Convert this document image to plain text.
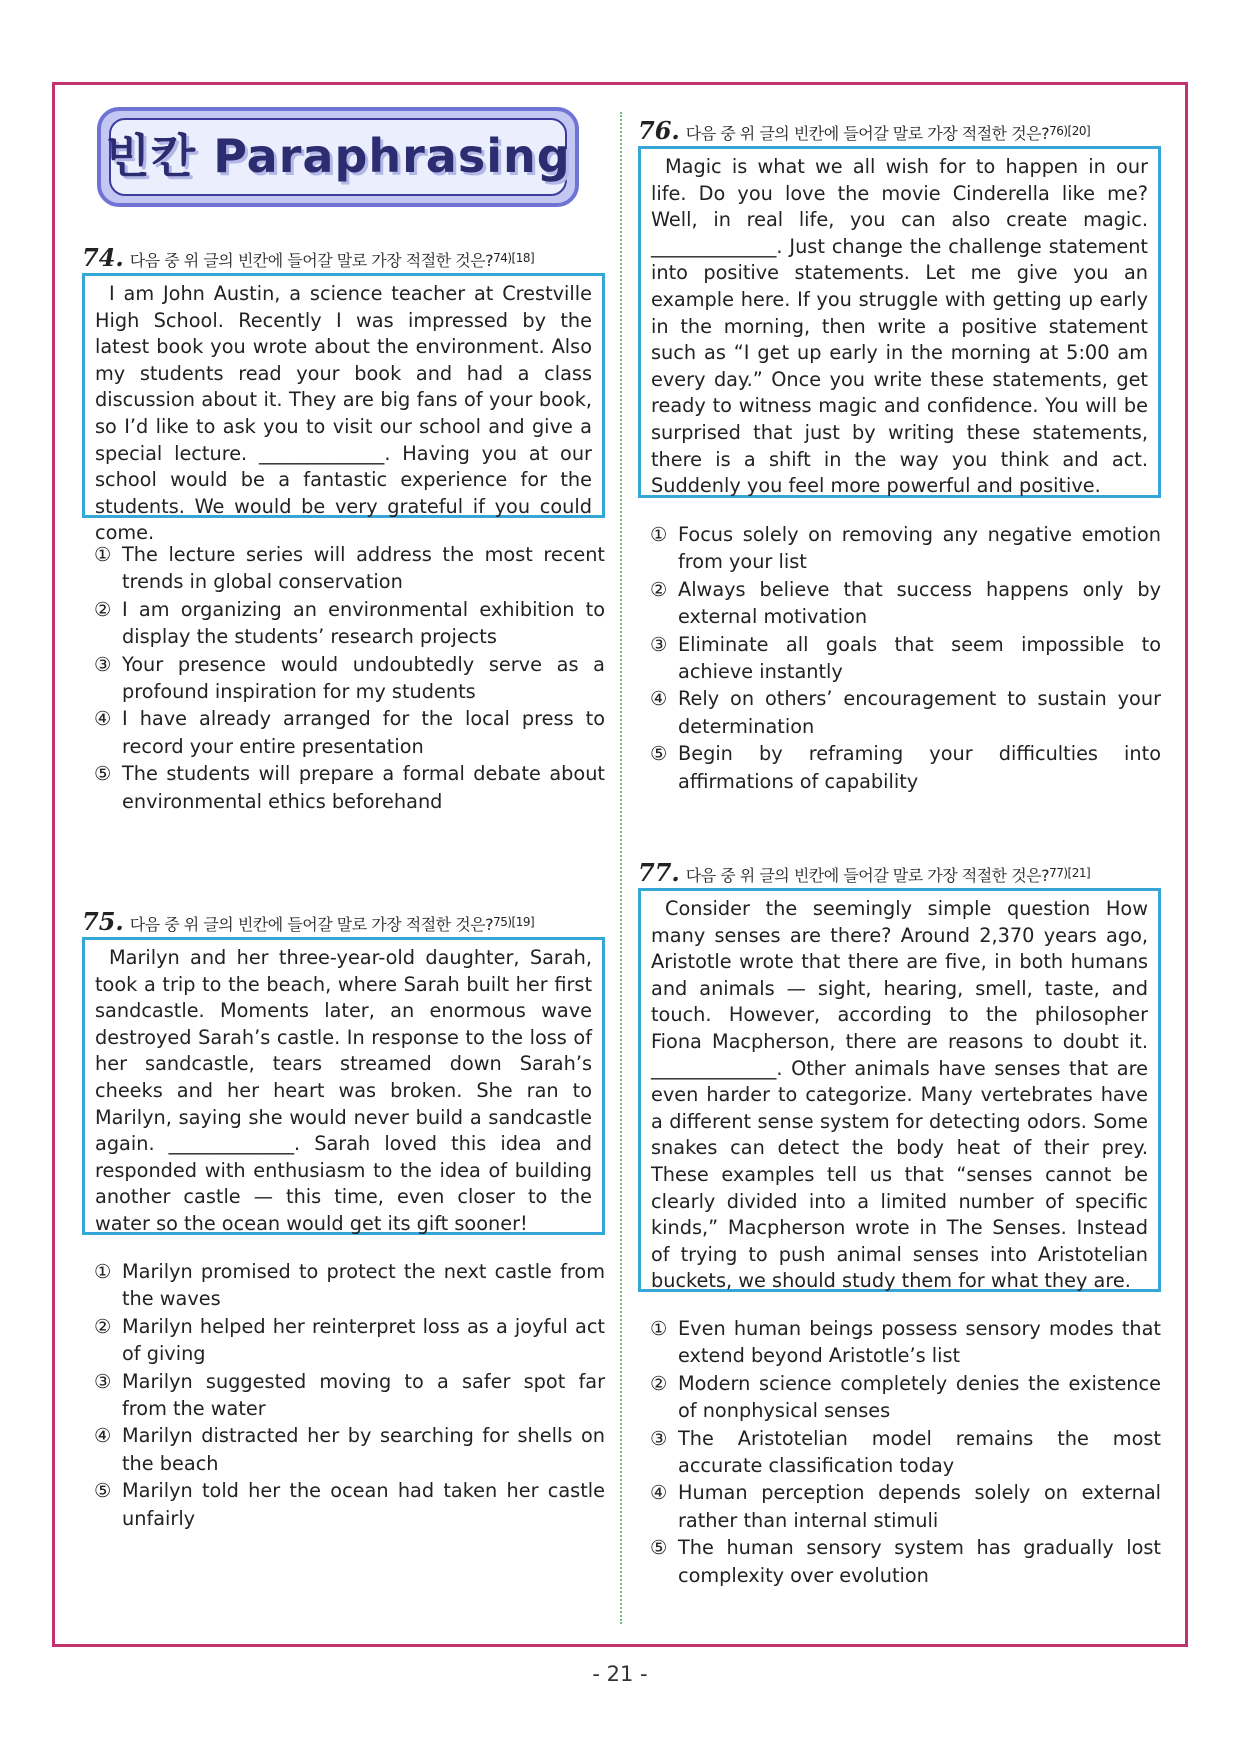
빈칸 Paraphrasing
74. 다음 중 위 글의 빈칸에 들어갈 말로 가장 적절한 것은?$^{74)[18]}$

I am John Austin, a science teacher at Crestville High School. Recently I was impressed by the latest book you wrote about the environment. Also my students read your book and had a class discussion about it. They are big fans of your book, so I’d like to ask you to visit our school and give a special lecture. _____________. Having you at our school would be a fantastic experience for the students. We would be very grateful if you could come.

① The lecture series will address the most recent trends in global conservation
② I am organizing an environmental exhibition to display the students’ research projects
③ Your presence would undoubtedly serve as a profound inspiration for my students
④ I have already arranged for the local press to record your entire presentation
⑤ The students will prepare a formal debate about environmental ethics beforehand
75. 다음 중 위 글의 빈칸에 들어갈 말로 가장 적절한 것은?$^{75)[19]}$

Marilyn and her three-year-old daughter, Sarah, took a trip to the beach, where Sarah built her first sandcastle. Moments later, an enormous wave destroyed Sarah’s castle. In response to the loss of her sandcastle, tears streamed down Sarah’s cheeks and her heart was broken. She ran to Marilyn, saying she would never build a sandcastle again. _____________. Sarah loved this idea and responded with enthusiasm to the idea of building another castle — this time, even closer to the water so the ocean would get its gift sooner!

① Marilyn promised to protect the next castle from the waves
② Marilyn helped her reinterpret loss as a joyful act of giving
③ Marilyn suggested moving to a safer spot far from the water
④ Marilyn distracted her by searching for shells on the beach
⑤ Marilyn told her the ocean had taken her castle unfairly
76. 다음 중 위 글의 빈칸에 들어갈 말로 가장 적절한 것은?$^{76)[20]}$

Magic is what we all wish for to happen in our life. Do you love the movie Cinderella like me? Well, in real life, you can also create magic. _____________. Just change the challenge statement into positive statements. Let me give you an example here. If you struggle with getting up early in the morning, then write a positive statement such as “I get up early in the morning at 5:00 am every day.” Once you write these statements, get ready to witness magic and confidence. You will be surprised that just by writing these statements, there is a shift in the way you think and act. Suddenly you feel more powerful and positive.

① Focus solely on removing any negative emotion from your list
② Always believe that success happens only by external motivation
③ Eliminate all goals that seem impossible to achieve instantly
④ Rely on others’ encouragement to sustain your determination
⑤ Begin by reframing your difficulties into affirmations of capability
77. 다음 중 위 글의 빈칸에 들어갈 말로 가장 적절한 것은?$^{77)[21]}$

Consider the seemingly simple question How many senses are there? Around 2,370 years ago, Aristotle wrote that there are five, in both humans and animals — sight, hearing, smell, taste, and touch. However, according to the philosopher Fiona Macpherson, there are reasons to doubt it. _____________. Other animals have senses that are even harder to categorize. Many vertebrates have a different sense system for detecting odors. Some snakes can detect the body heat of their prey. These examples tell us that “senses cannot be clearly divided into a limited number of specific kinds,” Macpherson wrote in The Senses. Instead of trying to push animal senses into Aristotelian buckets, we should study them for what they are.

① Even human beings possess sensory modes that extend beyond Aristotle’s list
② Modern science completely denies the existence of nonphysical senses
③ The Aristotelian model remains the most accurate classification today
④ Human perception depends solely on external rather than internal stimuli
⑤ The human sensory system has gradually lost complexity over evolution
- 21 -
